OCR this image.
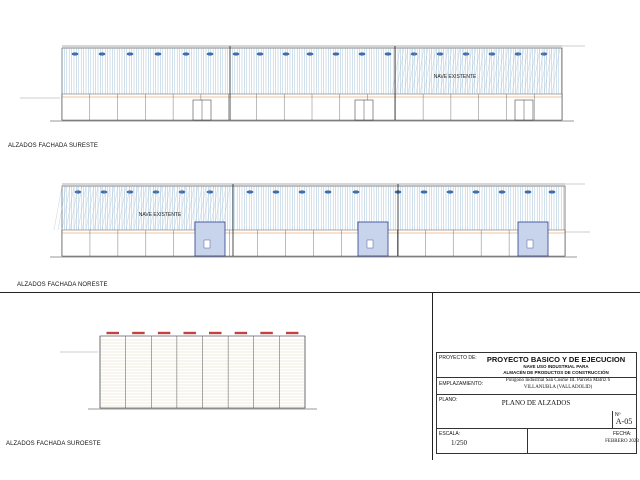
NAVE EXISTENTE
ALZADOS FACHADA SURESTE
NAVE EXISTENTE
ALZADOS FACHADA NORESTE
ALZADOS FACHADA SUROESTE
PROYECTO DE:	PROYECTO BASICO Y DE EJECUCION
NAVE USO INDUSTRIAL PARA
ALMACÉN DE PRODUCTOS DE CONSTRUCCIÓN
EMPLAZAMIENTO:
Polígono Industrial San Cosme III. Parcela Matriz 6
VILLANUBLA (VALLADOLID)
PLANO:	PLANO DE ALZADOS
Nº
A-05
ESCALA:
1/250
FECHA:
FEBRERO 2023
